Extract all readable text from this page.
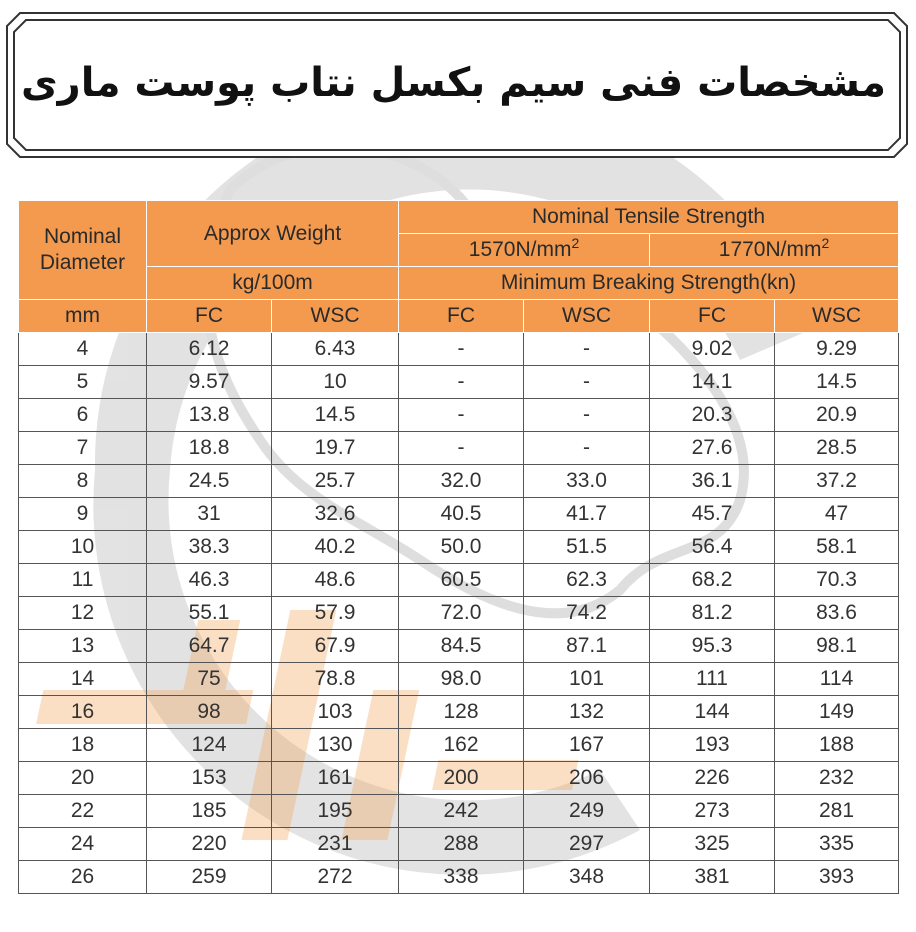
مشخصات فنی سیم بکسل نتاب پوست ماری
Nominal Diameter	Approx Weight		Nominal Tensile Strength			
			$1570N/mm^2$		$1770N/mm^2$
	kg/100m		Minimum Breaking Strength(kn)			
mm	FC	WSC	FC	WSC	FC	WSC
4	6.12	6.43	-	-	9.02	9.29
5	9.57	10	-	-	14.1	14.5
6	13.8	14.5	-	-	20.3	20.9
7	18.8	19.7	-	-	27.6	28.5
8	24.5	25.7	32.0	33.0	36.1	37.2
9	31	32.6	40.5	41.7	45.7	47
10	38.3	40.2	50.0	51.5	56.4	58.1
11	46.3	48.6	60.5	62.3	68.2	70.3
12	55.1	57.9	72.0	74.2	81.2	83.6
13	64.7	67.9	84.5	87.1	95.3	98.1
14	75	78.8	98.0	101	111	114
16	98	103	128	132	144	149
18	124	130	162	167	193	188
20	153	161	200	206	226	232
22	185	195	242	249	273	281
24	220	231	288	297	325	335
26	259	272	338	348	381	393
